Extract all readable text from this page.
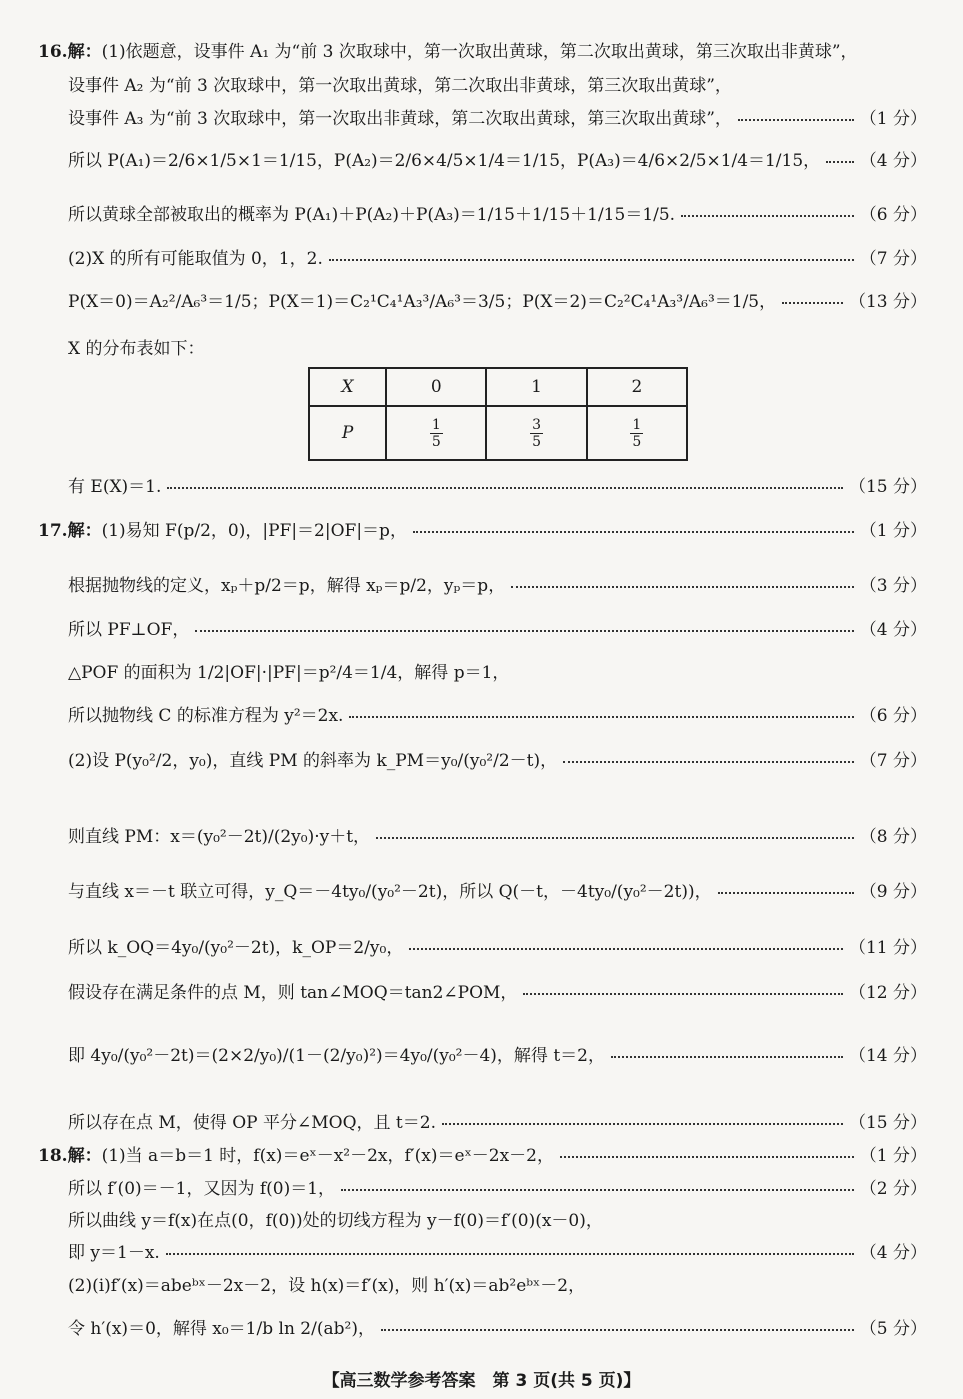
16.解：(1)依题意，设事件 A₁ 为“前 3 次取球中，第一次取出黄球，第二次取出黄球，第三次取出非黄球”，
设事件 A₂ 为“前 3 次取球中，第一次取出黄球，第二次取出非黄球，第三次取出黄球”，
设事件 A₃ 为“前 3 次取球中，第一次取出非黄球，第二次取出黄球，第三次取出黄球”，	（1 分）
所以 P(A₁)＝2/6×1/5×1＝1/15，P(A₂)＝2/6×4/5×1/4＝1/15，P(A₃)＝4/6×2/5×1/4＝1/15， （4 分）
所以黄球全部被取出的概率为 P(A₁)＋P(A₂)＋P(A₃)＝1/15＋1/15＋1/15＝1/5.	（6 分）
(2)X 的所有可能取值为 0，1，2.	（7 分）
P(X＝0)＝A₂²/A₆³＝1/5；P(X＝1)＝C₂¹C₄¹A₃³/A₆³＝3/5；P(X＝2)＝C₂²C₄¹A₃³/A₆³＝1/5，	（13 分）
X 的分布表如下：
有 E(X)＝1.	（15 分）
17.解：(1)易知 F(p/2，0)，|PF|＝2|OF|＝p，	（1 分）
根据抛物线的定义，xₚ＋p/2＝p，解得 xₚ＝p/2，yₚ＝p，	（3 分）
所以 PF⊥OF，	（4 分）
△POF 的面积为 1/2|OF|·|PF|＝p²/4＝1/4，解得 p＝1，
所以抛物线 C 的标准方程为 y²＝2x.	（6 分）
(2)设 P(y₀²/2，y₀)，直线 PM 的斜率为 k_PM＝y₀/(y₀²/2－t)，	（7 分）
则直线 PM：x＝(y₀²－2t)/(2y₀)·y＋t，	（8 分）
与直线 x＝－t 联立可得，y_Q＝－4ty₀/(y₀²－2t)，所以 Q(－t，－4ty₀/(y₀²－2t))，	（9 分）
所以 k_OQ＝4y₀/(y₀²－2t)，k_OP＝2/y₀，	（11 分）
假设存在满足条件的点 M，则 tan∠MOQ＝tan2∠POM，	（12 分）
即 4y₀/(y₀²－2t)＝(2×2/y₀)/(1－(2/y₀)²)＝4y₀/(y₀²－4)，解得 t＝2，	（14 分）
所以存在点 M，使得 OP 平分∠MOQ，且 t＝2.	（15 分）
18.解：(1)当 a＝b＝1 时，f(x)＝eˣ－x²－2x，f′(x)＝eˣ－2x－2，	（1 分）
所以 f′(0)＝－1，又因为 f(0)＝1，	（2 分）
所以曲线 y＝f(x)在点(0，f(0))处的切线方程为 y－f(0)＝f′(0)(x－0)，
即 y＝1－x.	（4 分）
(2)(i)f′(x)＝abeᵇˣ－2x－2，设 h(x)＝f′(x)，则 h′(x)＝ab²eᵇˣ－2，
令 h′(x)＝0，解得 x₀＝1/b ln 2/(ab²)，	（5 分）
X	0	1	2
P	$\frac{1}{5}$	$\frac{3}{5}$	$\frac{1}{5}$
【高三数学参考答案　第 3 页(共 5 页)】
